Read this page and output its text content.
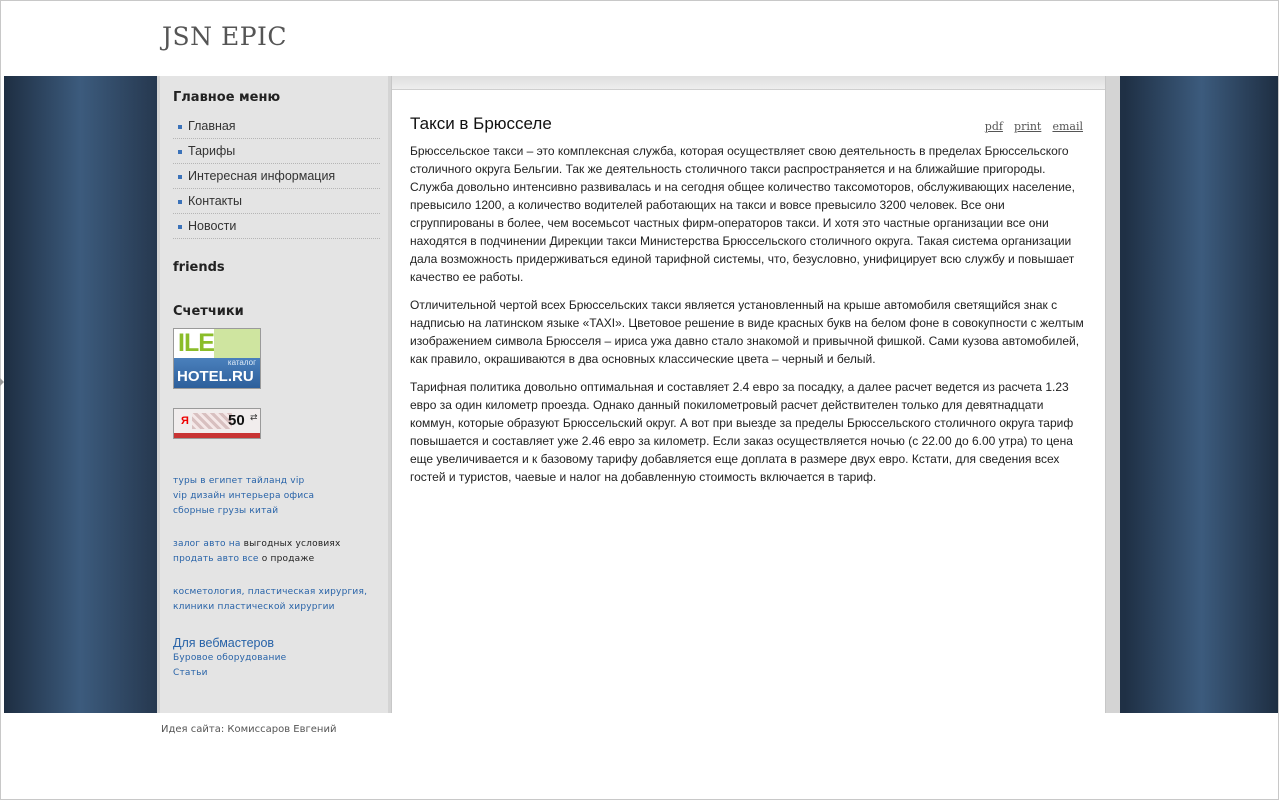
JSN EPIC
Главное меню
Главная
Тарифы
Интересная информация
Контакты
Новости
friends
Счетчики
ILE
каталог
HOTEL.RU
Я	50 ⇄
туры в египет тайланд vip
vip дизайн интерьера офиса
сборные грузы китай
залог авто на выгодных условиях
продать авто все о продаже
косметология, пластическая хирургия,
клиники пластической хирургии
Для вебмастеров
Буровое оборудование
Статьи
Такси в Брюсселе	pdf print email

Брюссельское такси – это комплексная служба, которая осуществляет свою деятельность в пределах Брюссельского столичного округа Бельгии. Так же деятельность столичного такси распространяется и на ближайшие пригороды. Служба довольно интенсивно развивалась и на сегодня общее количество таксомоторов, обслуживающих население, превысило 1200, а количество водителей работающих на такси и вовсе превысило 3200 человек. Все они сгруппированы в более, чем восемьсот частных фирм-операторов такси. И хотя это частные организации все они находятся в подчинении Дирекции такси Министерства Брюссельского столичного округа. Такая система организации дала возможность придерживаться единой тарифной системы, что, безусловно, унифицирует всю службу и повышает качество ее работы.

Отличительной чертой всех Брюссельских такси является установленный на крыше автомобиля светящийся знак с надписью на латинском языке «TAXI». Цветовое решение в виде красных букв на белом фоне в совокупности с желтым изображением символа Брюсселя – ириса ужа давно стало знакомой и привычной фишкой. Сами кузова автомобилей, как правило, окрашиваются в два основных классические цвета – черный и белый.

Тарифная политика довольно оптимальная и составляет 2.4 евро за посадку, а далее расчет ведется из расчета 1.23 евро за один километр проезда. Однако данный покилометровый расчет действителен только для девятнадцати коммун, которые образуют Брюссельский округ. А вот при выезде за пределы Брюссельского столичного округа тариф повышается и составляет уже 2.46 евро за километр. Если заказ осуществляется ночью (с 22.00 до 6.00 утра) то цена еще увеличивается и к базовому тарифу добавляется еще доплата в размере двух евро. Кстати, для сведения всех гостей и туристов, чаевые и налог на добавленную стоимость включается в тариф.

Идея сайта: Комиссаров Евгений
